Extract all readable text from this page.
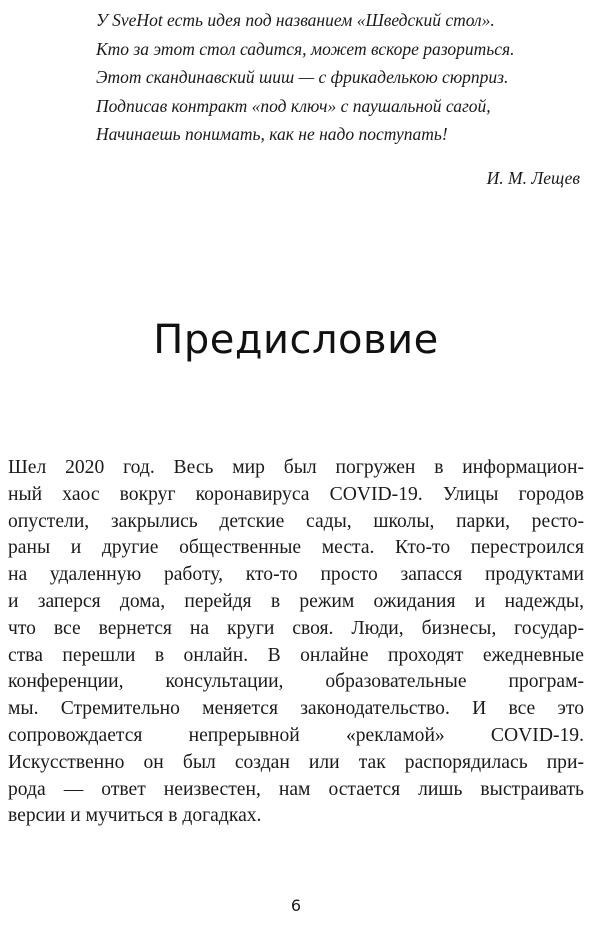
У SveHot есть идея под названием «Шведский стол».
Кто за этот стол садится, может вскоре разориться.
Этот скандинавский шиш — с фрикаделькою сюрприз.
Подписав контракт «под ключ» с паушальной сагой,
Начинаешь понимать, как не надо поступать!
И. М. Лещев
Предисловие
Шел 2020 год. Весь мир был погружен в информацион-
ный хаос вокруг коронавируса COVID-19. Улицы городов
опустели, закрылись детские сады, школы, парки, ресто-
раны и другие общественные места. Кто-то перестроился
на удаленную работу, кто-то просто запасся продуктами
и заперся дома, перейдя в режим ожидания и надежды,
что все вернется на круги своя. Люди, бизнесы, государ-
ства перешли в онлайн. В онлайне проходят ежедневные
конференции, консультации, образовательные програм-
мы. Стремительно меняется законодательство. И все это
сопровождается непрерывной «рекламой» COVID-19.
Искусственно он был создан или так распорядилась при-
рода — ответ неизвестен, нам остается лишь выстраивать
версии и мучиться в догадках.
6
